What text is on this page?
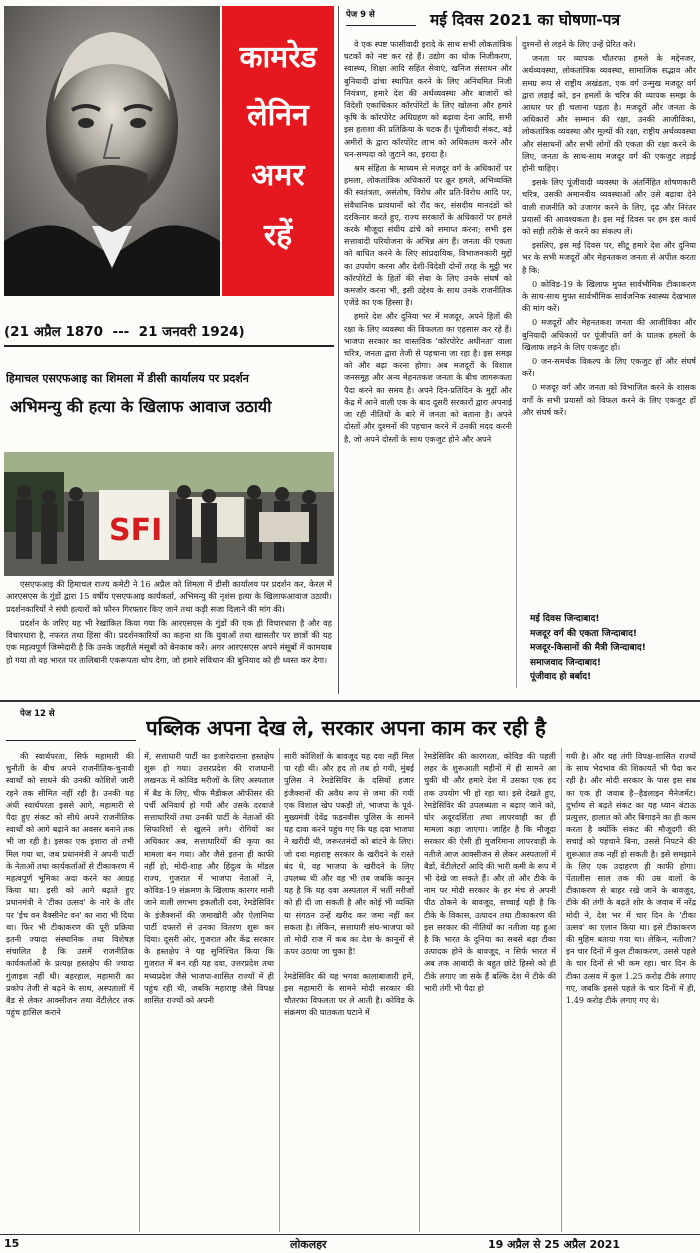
कामरेड
लेनिन
अमर
रहें
(21 अप्रैल 1870  ---  21 जनवरी 1924)
हिमाचल एसएफआइ का शिमला में डीसी कार्यालय पर प्रदर्शन
अभिमन्यु की हत्या के खिलाफ आवाज उठायी
SFI

एसएफआइ की हिमाचल राज्य कमेटी ने 16 अप्रैल को शिमला में डीसी कार्यालय पर प्रदर्शन कर, केरल में आरएसएस के गुंडों द्वारा 15 वर्षीय एसएफआइ कार्यकर्ता, अभिमन्यु की नृशंस हत्या के खिलाफआवाज उठायी। प्रदर्शनकारियों ने संघी हत्यारों को फौरन गिरफ्तार किए जाने तथा कड़ी सजा दिलाने की मांग की।

प्रदर्शन के जरिए यह भी रेखांकित किया गया कि आरएसएस के गुंडों की एक ही विचारधारा है और वह विचारधारा है, नफरत तथा हिंसा की। प्रदर्शनकारियों का कहना था कि युवाओं तथा खासतौर पर छात्रों की यह एक महत्वपूर्ण जिम्मेदारी है कि उनके जहरीले मंसूबों को बेनकाब करें। अगर आरएसएस अपने मंसूबों में कामयाब हो गया तो वह भारत पर तालिबानी एकरूपता थोप देगा, जो हमारे संविधान की बुनियाद को ही ध्वस्त कर देगा।

पेज 9 से	मई दिवस 2021 का घोषणा-पत्र

वे एक स्पष्ट फासीवादी इरादे के साथ सभी लोकतांत्रिक घटकों को नष्ट कर रहे हैं। उद्योग का थोक निजीकरण, स्वास्थ्य, शिक्षा आदि सहित सेवाएं, खनिज संसाधन और बुनियादी ढांचा स्थापित करने के लिए अनियमित निजी नियंत्रण, हमारे देश की अर्थव्यवस्था और बाजारों को विदेशी एकाधिकार कॉरपोरेटों के लिए खोलना और हमारे कृषि के कॉरपोरेट अधिग्रहण को बढ़ावा देना आदि, सभी इस हताशा की प्रतिक्रिया के घटक हैं। पूंजीवादी संकट, बड़े अमीरों के द्वारा कॉरपोरेट लाभ को अधिकतम करने और धन-सम्पदा को जुटाने का, इरादा है।

श्रम संहिता के माध्यम से मजदूर वर्ग के अधिकारों पर हमला, लोकतांत्रिक अधिकारों पर क्रूर हमले, अभिव्यक्ति की स्वतंत्रता, असंतोष, विरोध और प्रति-विरोध आदि पर, संवैधानिक प्रावधानों को रौंद कर, संसदीय मानदंडों को दरकिनार करते हुए, राज्य सरकारों के अधिकारों पर हमले करके मौजूदा संघीय ढांचे को समाप्त करना; सभी इस सत्तावादी परियोजना के अभिन्न अंग हैं। जनता की एकता को बाधित करने के लिए सांप्रदायिक, विभाजनकारी मुद्दों का उपयोग करना और देशी-विदेशी दोनों तरह के मुट्ठी भर कॉरपोरेटों के हितों की सेवा के लिए उनके संघर्ष को कमजोर करना भी, इसी उद्देश्य के साथ उनके राजनीतिक एजेंडे का एक हिस्सा है।

हमारे देश और दुनिया भर में मजदूर, अपने हितों की रक्षा के लिए व्यवस्था की विफलता का एहसास कर रहे हैं। भाजपा सरकार का वास्तविक 'कॉरपोरेट अधीनता' वाला चरित्र, जनता द्वारा तेजी से पहचाना जा रहा है। इस समझ को और बढ़ा करना होगा। अब मजदूरों के विशाल जनसमूह और अन्य मेहनतकश जनता के बीच जागरूकता पैदा करने का समय है। अपने दिन-प्रतिदिन के मुद्दों और केंद्र में आने वाली एक के बाद दूसरी सरकारों द्वारा अपनाई जा रही नीतियों के बारे में जनता को बताना है। अपने दोस्तों और दुश्मनों की पहचान करने में उनकी मदद करनी है, जो अपने दोस्तों के साथ एकजुट होने और अपने

दुश्मनों से लड़ने के लिए उन्हें प्रेरित करे।

जनता पर व्यापक चौतरफा हमले के मद्देनजर, अर्थव्यवस्था, लोकतांत्रिक व्यवस्था, सामाजिक सद्भाव और समग्र रूप से राष्ट्रीय अखंडता, एक वर्ग उन्मुख मजदूर वर्ग द्वारा लड़ाई को, इन हमलों के चरित्र की व्यापक समझ के आधार पर ही चलाना पड़ता है। मजदूरों और जनता के अधिकारों और सम्मान की रक्षा, उनकी आजीविका, लोकतांत्रिक व्यवस्था और मूल्यों की रक्षा, राष्ट्रीय अर्थव्यवस्था और संसाधनों और सभी लोगों की एकता की रक्षा करने के लिए, जनता के साथ-साथ मजदूर वर्ग की एकजुट लड़ाई होनी चाहिए।

इसके लिए पूंजीवादी व्यवस्था के अंतर्निहित शोषणकारी चरित्र, उसकी अमानवीय व्यवस्थाओं और उसे बढ़ावा देने वाली राजनीति को उजागर करने के लिए, दृढ़ और निरंतर प्रयासों की आवश्यकता है। इस मई दिवस पर हम इस कार्य को सही तरीके से करने का संकल्प लें।

इसलिए, इस मई दिवस पर, सीटू हमारे देश और दुनिया भर के सभी मजदूरों और मेहनतकश जनता से अपील करता है कि:

0 कोविड-19 के खिलाफ मुफ्त सार्वभौमिक टीकाकरण के साथ-साथ मुफ्त सार्वभौमिक सार्वजनिक स्वास्थ्य देखभाल की मांग करें।

0 मजदूरों और मेहनतकश जनता की आजीविका और बुनियादी अधिकारों पर पूंजीपति वर्ग के घातक हमलों के खिलाफ लड़ने के लिए एकजुट हों।

0 जन-समर्थक विकल्प के लिए एकजुट हों और संघर्ष करें।

0 मजदूर वर्ग और जनता को विभाजित करने के शासक वर्गों के सभी प्रयासों को विफल करने के लिए एकजुट हों और संघर्ष करें।

मई दिवस जिन्दाबाद!
मजदूर वर्ग की एकता जिन्दाबाद!
मजदूर-किसानों की मैत्री जिन्दाबाद!
समाजवाद जिन्दाबाद!
पूंजीवाद हो बर्बाद!
पेज 12 से
पब्लिक अपना देख ले, सरकार अपना काम कर रही है
की स्वार्थपरता, सिर्फ महामारी की चुनौती के बीच अपने राजनीतिक-चुनावी स्वार्थों को साधने की उनकी कोशिशें जारी रहने तक सीमित नहीं रही है। उनकी यह अंधी स्वार्थपरता इससे आगे, महामारी से पैदा हुए संकट को सीधे अपने राजनीतिक स्वार्थों को आगे बढ़ाने का अवसर बनाने तक भी जा रही है। इसका एक इशारा तो तभी मिल गया था, जब प्रधानमंत्री ने अपनी पार्टी के नेताओं तथा कार्यकर्ताओं से टीकाकरण में महत्वपूर्ण भूमिका अदा करने का आग्रह किया था। इसी को आगे बढ़ाते हुए प्रधानमंत्री ने 'टीका उत्सव' के नारे के तौर पर 'ईच वन वैक्सीनेट वन' का नारा भी दिया था। फिर भी टीकाकरण की पूरी प्रक्रिया इतनी ज्यादा संस्थानिक तथा विशेषज्ञ संचालित है कि उसमें राजनीतिक कार्यकर्ताओं के प्रत्यक्ष हस्तक्षेप की ज्यादा गुंजाइश नहीं थी। बहरहाल, महामारी का प्रकोप तेजी से बढ़ने के साथ, अस्पतालों में बैड से लेकर आक्सीजन तथा वेंटीलेटर तक पहुंच हासिल कराने
में, सत्ताधारी पार्टी का इजारेदाराना हस्तक्षेप शुरू हो गया। उत्तरप्रदेश की राजधानी लखनऊ में कोविड मरीजों के लिए अस्पताल में बैड के लिए, चीफ मैडीकल ऑफीसर की पर्ची अनिवार्य हो गयी और उसके दरवाजे सत्ताधारियों तथा उनकी पार्टी के नेताओं की सिफारिशों से खुलने लगे। रोगियों का अधिकार अब, सत्ताधारियों की कृपा का मामला बन गया। और जैसे इतना ही काफी नहीं हो, मोदी-शाह और हिंदुत्व के मॉडल राज्य, गुजरात में भाजपा नेताओं ने, कोविड-19 संक्रमण के खिलाफ कारगर मानी जाने वाली लगभग इकलौती दवा, रेमडेसिविर के इंजैक्शनों की जमाखोरी और ऐलानिया पार्टी दफ्तरों से उनका वितरण शुरू कर दिया। दूसरी ओर, गुजरात और केंद्र सरकार के हस्तक्षेप ने यह सुनिश्चित किया कि गुजरात में बन रही यह दवा, उत्तरप्रदेश तथा मध्यप्रदेश जैसे भाजपा-शासित राज्यों में ही पहुंच रही थी, जबकि महाराष्ट्र जैसे विपक्ष शासित राज्यों को अपनी
सारी कोशिशों के बावजूद यह दवा नहीं मिल पा रही थी। और हद तो तब हो गयी, मुंबई पुलिस ने रेमडेसिविर के दसियों हजार इंजैक्शनों की अवैध रूप से जमा की गयी एक विशाल खेप पकड़ी तो, भाजपा के पूर्व-मुख्यमंत्री देवेंद्र फडनवीस पुलिस के सामने यह दावा करने पहुंच गए कि यह दवा भाजपा ने खरीदी थी, जरूरतमंदों को बांटने के लिए। जो दवा महाराष्ट्र सरकार के खरीदने के रास्ते बंद थे, वह भाजपा के खरीदने के लिए उपलब्ध थी और वह भी तब जबकि कानून यह है कि यह दवा अस्पताल में भर्ती मरीजों को ही दी जा सकती है और कोई भी व्यक्ति या संगठन उन्हें खरीद कर जमा नहीं कर सकता है। लेकिन, सत्ताधारी संघ-भाजपा को तो मोदी राज में कब का देश के कानूनों से ऊपर उठाया जा चुका है!

रेमडेसिविर की यह भगवा कालाबाजारी हमें, इस महामारी के सामने मोदी सरकार की चौतरफा विफलता पर ले आती है। कोविड के संक्रमण की घातकता घटाने में
रेमडेसिविर की कारगरता, कोविड की पहली लहर के शुरूआती महीनों में ही सामने आ चुकी थी और हमारे देश में उसका एक हद तक उपयोग भी हो रहा था। इसे देखते हुए, रेमडेसिविर की उपलब्धता न बढ़ाए जाने को, घोर अदूरदर्शिता तथा लापरवाही का ही मामला कहा जाएगा। जाहिर है कि मौजूदा सरकार की ऐसी ही मुजरिमाना लापरवाही के नतीजे आज आक्सीजन से लेकर अस्पतालों में बैडों, वेंटीलेटरों आदि की भारी कमी के रूप में भी देखे जा सकते हैं। और तो और टीके के नाम पर मोदी सरकार के हर मंच से अपनी पीठ ठोकने के बावजूद, सच्चाई यही है कि टीके के विकास, उत्पादन तथा टीकाकरण की इस सरकार की नीतियों का नतीजा यह हुआ है कि भारत के दुनिया का सबसे बड़ा टीका उत्पादक होने के बावजूद, न सिर्फ भारत में अब तक आबादी के बहुत छोटे हिस्से को ही टीके लगाए जा सके हैं बल्कि देश में टीके की भारी तंगी भी पैदा हो
गयी है। और यह तंगी विपक्ष-शासित राज्यों के साथ भेदभाव की शिकायतें भी पैदा कर रही है। और मोदी सरकार के पास इस सब का एक ही जवाब है--हैडलाइन मैनेजमेंट। दुर्भाग्य से बढ़ते संकट का यह ध्यान बंटाऊ प्रत्युत्तर, हालात को और बिगाड़ने का ही काम करता है क्योंकि संकट की मौजूदगी की सचाई को पहचाने बिना, उससे निपटने की शुरूआत तक नहीं हो सकती है। इसे समझाने के लिए एक उदाहरण ही काफी होगा। पेंतालीस साल तक की उम्र वालों के टीकाकरण से बाहर रखे जाने के बावजूद, टीके की तंगी के बढ़ते शोर के जवाब में नरेंद्र मोदी ने, देश भर में चार दिन के 'टीका उत्सव' का एलान किया था। इसे टीकाकरण की मुहिम बताया गया था। लेकिन, नतीजा? इन चार दिनों में कुल टीकाकरण, उससे पहले के चार दिनों से भी कम रहा। चार दिन के टीका उत्सव में कुल 1.25 करोड़ टीके लगाए गए, जबकि इससे पहले के चार दिनों में ही, 1.49 करोड़ टीके लगाए गए थे।
15	लोकलहर	19 अप्रैल से 25 अप्रैल 2021
